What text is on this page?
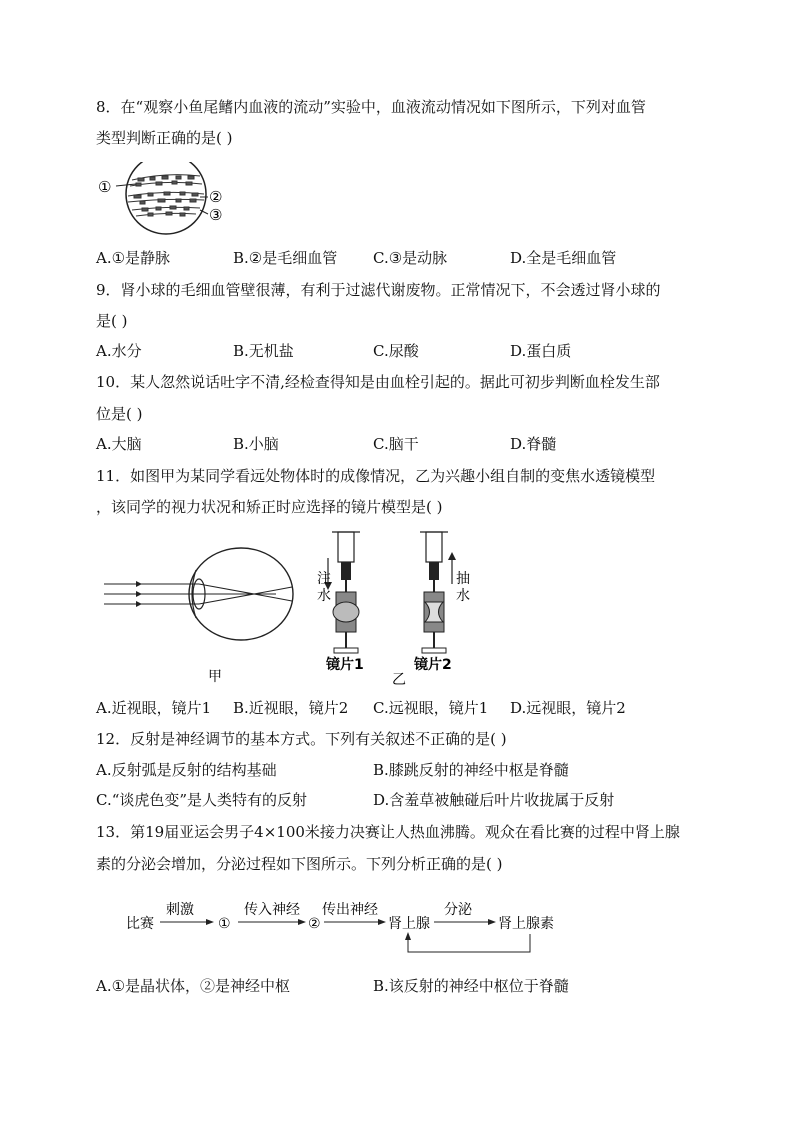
8．在“观察小鱼尾鳍内血液的流动”实验中，血液流动情况如下图所示，下列对血管
类型判断正确的是( )
①
②
③
A.①是静脉	B.②是毛细血管 C.③是动脉	D.全是毛细血管
9．肾小球的毛细血管壁很薄，有利于过滤代谢废物。正常情况下，不会透过肾小球的
是( )
A.水分	B.无机盐	C.尿酸	D.蛋白质
10．某人忽然说话吐字不清,经检查得知是由血栓引起的。据此可初步判断血栓发生部
位是( )
A.大脑	B.小脑	C.脑干	D.脊髓
11．如图甲为某同学看远处物体时的成像情况，乙为兴趣小组自制的变焦水透镜模型
，该同学的视力状况和矫正时应选择的镜片模型是( )
甲
注
水
镜片1
抽
水
镜片2
乙
A.近视眼，镜片1 B.近视眼，镜片2 C.远视眼，镜片1 D.远视眼，镜片2
12．反射是神经调节的基本方式。下列有关叙述不正确的是( )
A.反射弧是反射的结构基础	B.膝跳反射的神经中枢是脊髓
C.“谈虎色变”是人类特有的反射	D.含羞草被触碰后叶片收拢属于反射
13．第19届亚运会男子4×100米接力决赛让人热血沸腾。观众在看比赛的过程中肾上腺
素的分泌会增加，分泌过程如下图所示。下列分析正确的是( )
比赛
刺激
①
传入神经
②
传出神经
肾上腺
分泌
肾上腺素
A.①是晶状体，②是神经中枢	B.该反射的神经中枢位于脊髓
